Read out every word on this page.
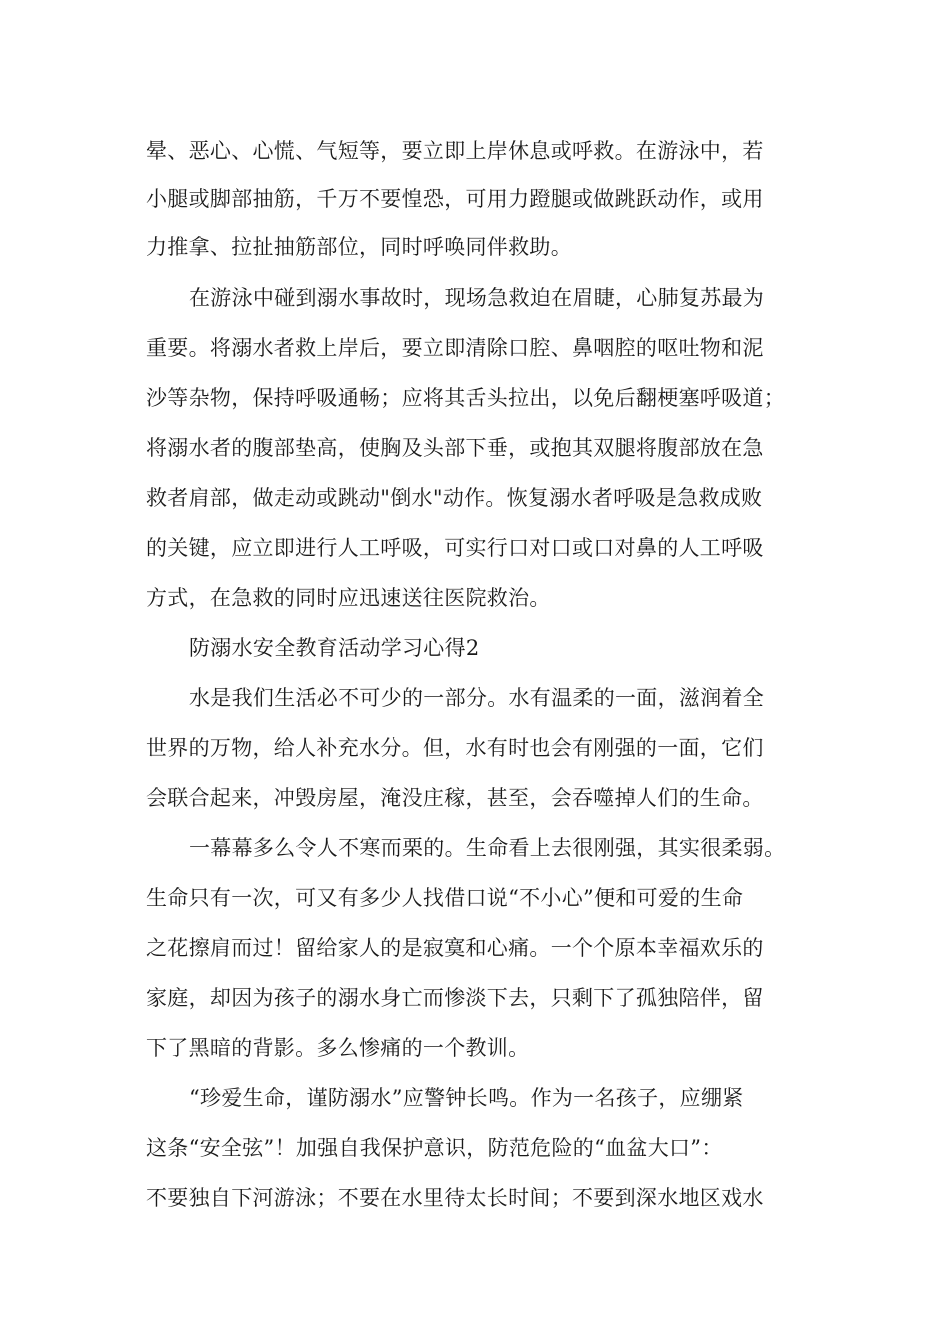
晕、恶心、心慌、气短等，要立即上岸休息或呼救。在游泳中，若
小腿或脚部抽筋，千万不要惶恐，可用力蹬腿或做跳跃动作，或用
力推拿、拉扯抽筋部位，同时呼唤同伴救助。
在游泳中碰到溺水事故时，现场急救迫在眉睫，心肺复苏最为
重要。将溺水者救上岸后，要立即清除口腔、鼻咽腔的呕吐物和泥
沙等杂物，保持呼吸通畅；应将其舌头拉出，以免后翻梗塞呼吸道；
将溺水者的腹部垫高，使胸及头部下垂，或抱其双腿将腹部放在急
救者肩部，做走动或跳动"倒水"动作。恢复溺水者呼吸是急救成败
的关键，应立即进行人工呼吸，可实行口对口或口对鼻的人工呼吸
方式，在急救的同时应迅速送往医院救治。
防溺水安全教育活动学习心得2
水是我们生活必不可少的一部分。水有温柔的一面，滋润着全
世界的万物，给人补充水分。但，水有时也会有刚强的一面，它们
会联合起来，冲毁房屋，淹没庄稼，甚至，会吞噬掉人们的生命。
一幕幕多么令人不寒而栗的。生命看上去很刚强，其实很柔弱。
生命只有一次，可又有多少人找借口说“不小心”便和可爱的生命
之花擦肩而过！留给家人的是寂寞和心痛。一个个原本幸福欢乐的
家庭，却因为孩子的溺水身亡而惨淡下去，只剩下了孤独陪伴，留
下了黑暗的背影。多么惨痛的一个教训。
“珍爱生命，谨防溺水”应警钟长鸣。作为一名孩子，应绷紧
这条“安全弦”！加强自我保护意识，防范危险的“血盆大口”：
不要独自下河游泳；不要在水里待太长时间；不要到深水地区戏水
